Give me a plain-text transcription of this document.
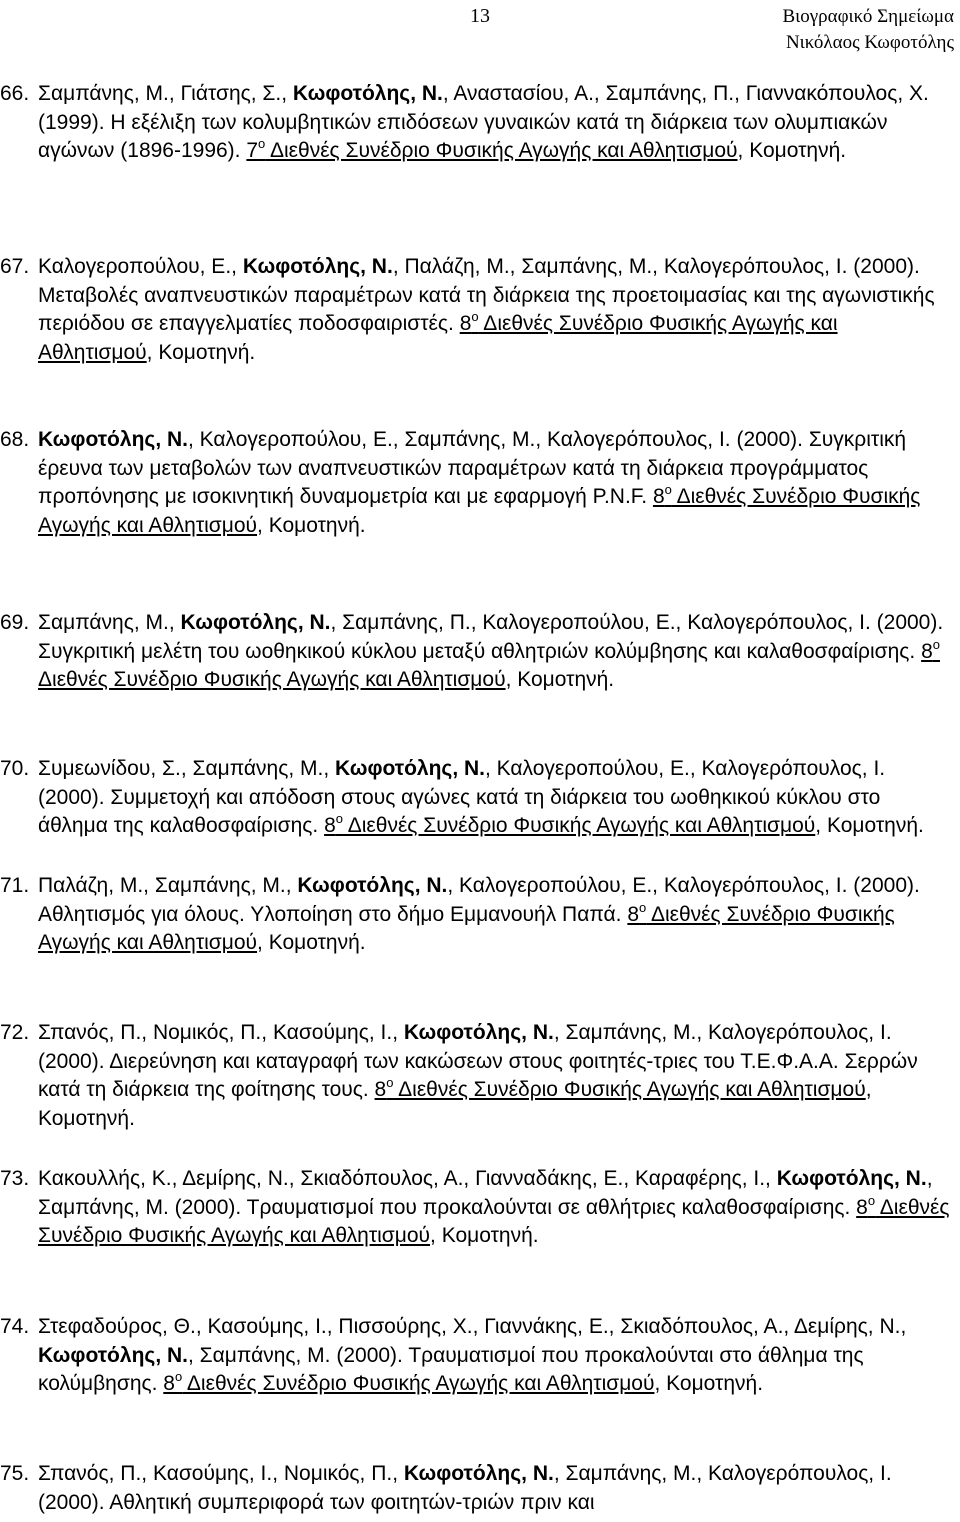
13	Βιογραφικό Σημείωμα
Νικόλαος Κωφοτόλης
66. Σαμπάνης, Μ., Γιάτσης, Σ., Κωφοτόλης, Ν., Αναστασίου, Α., Σαμπάνης, Π., Γιαννακόπουλος, Χ. (1999). Η εξέλιξη των κολυμβητικών επιδόσεων γυναικών κατά τη διάρκεια των ολυμπιακών αγώνων (1896-1996). $7^o$ Διεθνές Συνέδριο Φυσικής Αγωγής και Αθλητισμού, Κομοτηνή.
67. Καλογεροπούλου, Ε., Κωφοτόλης, Ν., Παλάζη, Μ., Σαμπάνης, Μ., Καλογερόπουλος, Ι. (2000). Μεταβολές αναπνευστικών παραμέτρων κατά τη διάρκεια της προετοιμασίας και της αγωνιστικής περιόδου σε επαγγελματίες ποδοσφαιριστές. $8^o$ Διεθνές Συνέδριο Φυσικής Αγωγής και Αθλητισμού, Κομοτηνή.
68. Κωφοτόλης, Ν., Καλογεροπούλου, Ε., Σαμπάνης, Μ., Καλογερόπουλος, Ι. (2000). Συγκριτική έρευνα των μεταβολών των αναπνευστικών παραμέτρων κατά τη διάρκεια προγράμματος προπόνησης με ισοκινητική δυναμομετρία και με εφαρμογή P.N.F. $8^o$ Διεθνές Συνέδριο Φυσικής Αγωγής και Αθλητισμού, Κομοτηνή.
69. Σαμπάνης, Μ., Κωφοτόλης, Ν., Σαμπάνης, Π., Καλογεροπούλου, Ε., Καλογερόπουλος, Ι. (2000). Συγκριτική μελέτη του ωοθηκικού κύκλου μεταξύ αθλητριών κολύμβησης και καλαθοσφαίρισης. $8^o$ Διεθνές Συνέδριο Φυσικής Αγωγής και Αθλητισμού, Κομοτηνή.
70. Συμεωνίδου, Σ., Σαμπάνης, Μ., Κωφοτόλης, Ν., Καλογεροπούλου, Ε., Καλογερόπουλος, Ι. (2000). Συμμετοχή και απόδοση στους αγώνες κατά τη διάρκεια του ωοθηκικού κύκλου στο άθλημα της καλαθοσφαίρισης. $8^o$ Διεθνές Συνέδριο Φυσικής Αγωγής και Αθλητισμού, Κομοτηνή.
71. Παλάζη, Μ., Σαμπάνης, Μ., Κωφοτόλης, Ν., Καλογεροπούλου, Ε., Καλογερόπουλος, Ι. (2000). Αθλητισμός για όλους. Υλοποίηση στο δήμο Εμμανουήλ Παπά. $8^o$ Διεθνές Συνέδριο Φυσικής Αγωγής και Αθλητισμού, Κομοτηνή.
72. Σπανός, Π., Νομικός, Π., Κασούμης, Ι., Κωφοτόλης, Ν., Σαμπάνης, Μ., Καλογερόπουλος, Ι. (2000). Διερεύνηση και καταγραφή των κακώσεων στους φοιτητές-τριες του Τ.Ε.Φ.Α.Α. Σερρών κατά τη διάρκεια της φοίτησης τους. $8^o$ Διεθνές Συνέδριο Φυσικής Αγωγής και Αθλητισμού, Κομοτηνή.
73. Κακουλλής, Κ., Δεμίρης, Ν., Σκιαδόπουλος, Α., Γιανναδάκης, Ε., Καραφέρης, Ι., Κωφοτόλης, Ν., Σαμπάνης, Μ. (2000). Τραυματισμοί που προκαλούνται σε αθλήτριες καλαθοσφαίρισης. $8^o$ Διεθνές Συνέδριο Φυσικής Αγωγής και Αθλητισμού, Κομοτηνή.
74. Στεφαδούρος, Θ., Κασούμης, Ι., Πισσούρης, Χ., Γιαννάκης, Ε., Σκιαδόπουλος, Α., Δεμίρης, Ν., Κωφοτόλης, Ν., Σαμπάνης, Μ. (2000). Τραυματισμοί που προκαλούνται στο άθλημα της κολύμβησης. $8^o$ Διεθνές Συνέδριο Φυσικής Αγωγής και Αθλητισμού, Κομοτηνή.
75. Σπανός, Π., Κασούμης, Ι., Νομικός, Π., Κωφοτόλης, Ν., Σαμπάνης, Μ., Καλογερόπουλος, Ι. (2000). Αθλητική συμπεριφορά των φοιτητών-τριών πριν και
